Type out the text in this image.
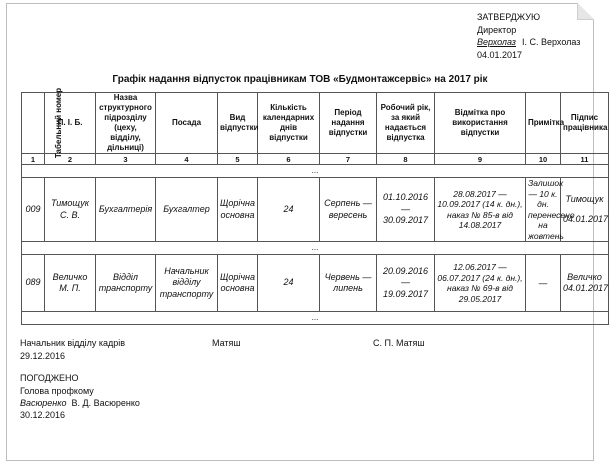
ЗАТВЕРДЖУЮ
Директор
Верхолаз І. С. Верхолаз
04.01.2017
Графік надання відпусток працівникам ТОВ «Будмонтажсервіс» на 2017 рік
Табельний номер	П. І. Б.	Назва структурного підрозділу (цеху, відділу, дільниці)	Посада	Вид відпустки	Кількість календарних днів відпустки	Період надання відпустки	Робочий рік, за який надається відпустка	Відмітка про використання відпустки	Примітка	Підпис працівника
1	2	3	4	5	6	7	8	9	10	11
...										
009	Тимощук С. В.	Бухгалтерія	Бухгалтер	Щорічна основна	24	Серпень — вересень	01.10.2016 — 30.09.2017	28.08.2017 — 10.09.2017 (14 к. дн.), наказ № 85-в від 14.08.2017	Залишок — 10 к. дн. перенесено на жовтень	Тимощук
04.01.2017

...										
089	Величко М. П.	Відділ транспорту	Начальник відділу транспорту	Щорічна основна	24	Червень — липень	20.09.2016 — 19.09.2017	12.06.2017 — 06.07.2017 (24 к. дн.), наказ № 69-в від 29.05.2017	—	Величко
04.01.2017

...										
Начальник відділу кадрів	Матяш	С. П. Матяш
29.12.2016
ПОГОДЖЕНО
Голова профкому
Васюренко В. Д. Васюренко
30.12.2016
